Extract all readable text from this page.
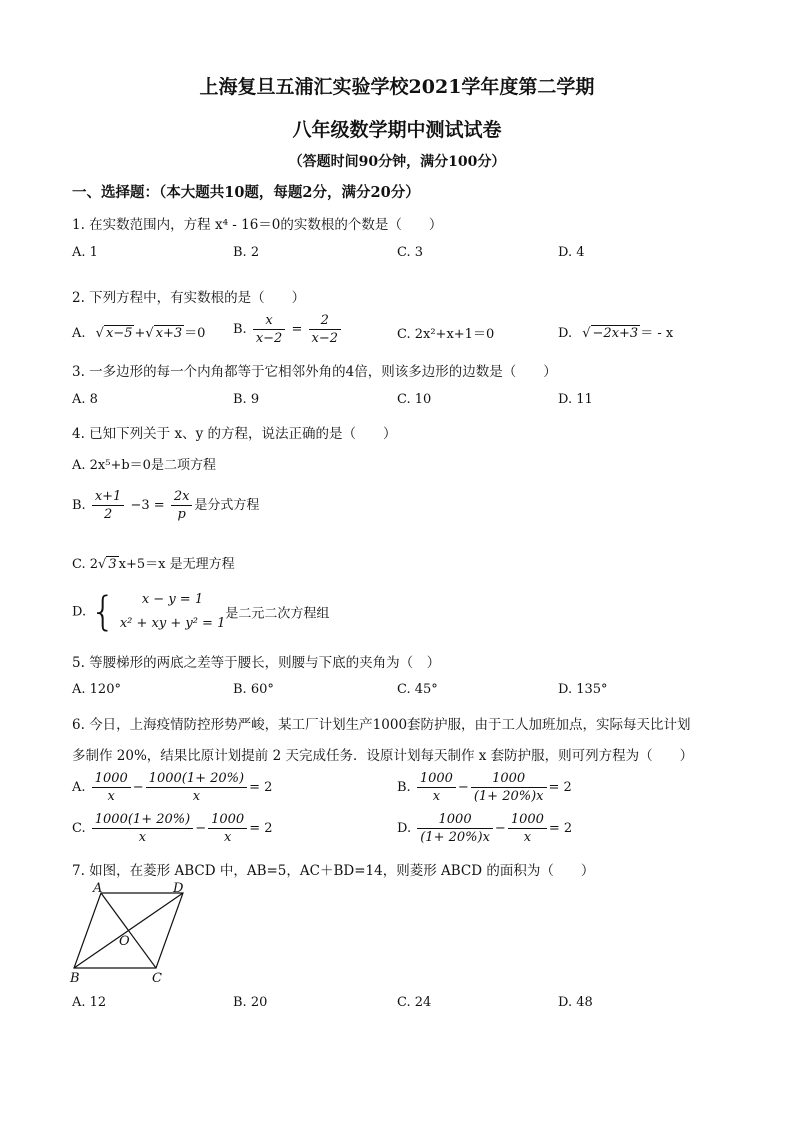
上海复旦五浦汇实验学校2021学年度第二学期
八年级数学期中测试试卷
（答题时间90分钟，满分100分）
一、选择题：（本大题共10题，每题2分，满分20分）
1. 在实数范围内，方程 x⁴ - 16＝0的实数根的个数是（　　）
A. 1	B. 2	C. 3	D. 4
2. 下列方程中，有实数根的是（　　）
A. √ x−5 +√ x+3 ＝0 B. $\frac{x}{x-2} = \frac{2}{x-2}$	C. 2x²+x+1＝0	D. √ −2x+3 ＝ - x
3. 一多边形的每一个内角都等于它相邻外角的4倍，则该多边形的边数是（　　）
A. 8	B. 9	C. 10	D. 11
4. 已知下列关于 x、y 的方程，说法正确的是（　　）
A. 2x⁵+b＝0是二项方程
B. $\frac{x+1}{2} -3 = \frac{2x}{p}$ 是分式方程
C. 2√ 3 x+5＝x 是无理方程
D. {	x − y = 1
x² + xy + y² = 1
是二元二次方程组
5. 等腰梯形的两底之差等于腰长，则腰与下底的夹角为（　）
A. 120°	B. 60°	C. 45°	D. 135°
6. 今日，上海疫情防控形势严峻，某工厂计划生产1000套防护服，由于工人加班加点，实际每天比计划
多制作 20%，结果比原计划提前 2 天完成任务．设原计划每天制作 x 套防护服，则可列方程为（　　）
A. $\frac{1000}{x} - \frac{1000(1+ 20\%)}{x} = 2$	B. $\frac{1000}{x} - \frac{1000}{(1+ 20\%)x} = 2$
C. $\frac{1000(1+ 20\%)}{x} - \frac{1000}{x} = 2$	D. $\frac{1000}{(1+ 20\%)x} - \frac{1000}{x} = 2$
7. 如图，在菱形 ABCD 中，AB=5，AC＋BD=14，则菱形 ABCD 的面积为（　　）
A	D
O
B	C
A. 12	B. 20	C. 24	D. 48
